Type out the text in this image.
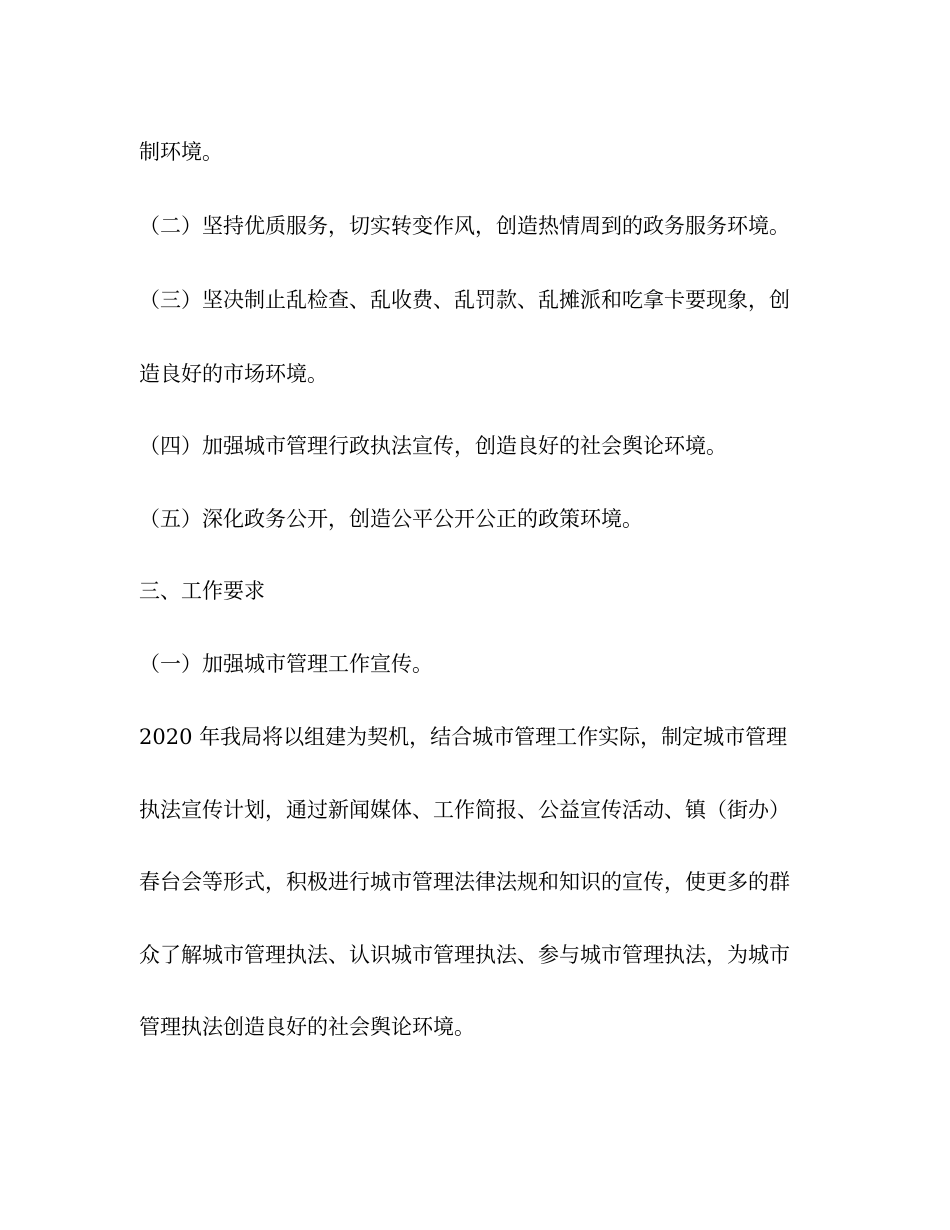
制环境。
（二）坚持优质服务，切实转变作风，创造热情周到的政务服务环境。
（三）坚决制止乱检查、乱收费、乱罚款、乱摊派和吃拿卡要现象，创
造良好的市场环境。
（四）加强城市管理行政执法宣传，创造良好的社会舆论环境。
（五）深化政务公开，创造公平公开公正的政策环境。
三、工作要求
（一）加强城市管理工作宣传。
2020 年我局将以组建为契机，结合城市管理工作实际，制定城市管理
执法宣传计划，通过新闻媒体、工作简报、公益宣传活动、镇（街办）
春台会等形式，积极进行城市管理法律法规和知识的宣传，使更多的群
众了解城市管理执法、认识城市管理执法、参与城市管理执法，为城市
管理执法创造良好的社会舆论环境。
